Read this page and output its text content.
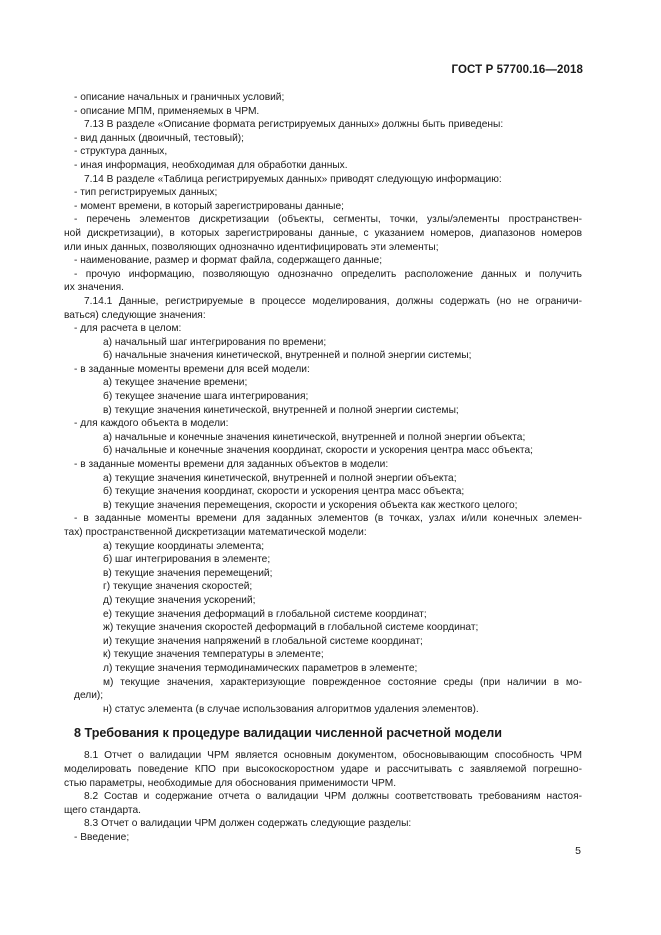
ГОСТ Р 57700.16—2018

- описание начальных и граничных условий;

- описание МПМ, применяемых в ЧРМ.

7.13 В разделе «Описание формата регистрируемых данных» должны быть приведены:

- вид данных (двоичный, тестовый);

- структура данных,

- иная информация, необходимая для обработки данных.

7.14 В разделе «Таблица регистрируемых данных» приводят следующую информацию:

- тип регистрируемых данных;

- момент времени, в который зарегистрированы данные;

- перечень элементов дискретизации (объекты, сегменты, точки, узлы/элементы пространствен-

ной дискретизации), в которых зарегистрированы данные, с указанием номеров, диапазонов номеров

или иных данных, позволяющих однозначно идентифицировать эти элементы;

- наименование, размер и формат файла, содержащего данные;

- прочую информацию, позволяющую однозначно определить расположение данных и получить

их значения.

7.14.1 Данные, регистрируемые в процессе моделирования, должны содержать (но не ограничи-

ваться) следующие значения:

- для расчета в целом:

а) начальный шаг интегрирования по времени;

б) начальные значения кинетической, внутренней и полной энергии системы;

- в заданные моменты времени для всей модели:

а) текущее значение времени;

б) текущее значение шага интегрирования;

в) текущие значения кинетической, внутренней и полной энергии системы;

- для каждого объекта в модели:

а) начальные и конечные значения кинетической, внутренней и полной энергии объекта;

б) начальные и конечные значения координат, скорости и ускорения центра масс объекта;

- в заданные моменты времени для заданных объектов в модели:

а) текущие значения кинетической, внутренней и полной энергии объекта;

б) текущие значения координат, скорости и ускорения центра масс объекта;

в) текущие значения перемещения, скорости и ускорения объекта как жесткого целого;

- в заданные моменты времени для заданных элементов (в точках, узлах и/или конечных элемен-

тах) пространственной дискретизации математической модели:

а) текущие координаты элемента;

б) шаг интегрирования в элементе;

в) текущие значения перемещений;

г) текущие значения скоростей;

д) текущие значения ускорений;

е) текущие значения деформаций в глобальной системе координат;

ж) текущие значения скоростей деформаций в глобальной системе координат;

и) текущие значения напряжений в глобальной системе координат;

к) текущие значения температуры в элементе;

л) текущие значения термодинамических параметров в элементе;

м) текущие значения, характеризующие поврежденное состояние среды (при наличии в мо-

дели);

н) статус элемента (в случае использования алгоритмов удаления элементов).

8 Требования к процедуре валидации численной расчетной модели

8.1 Отчет о валидации ЧРМ является основным документом, обосновывающим способность ЧРМ

моделировать поведение КПО при высокоскоростном ударе и рассчитывать с заявляемой погрешно-

стью параметры, необходимые для обоснования применимости ЧРМ.

8.2 Состав и содержание отчета о валидации ЧРМ должны соответствовать требованиям настоя-

щего стандарта.

8.3 Отчет о валидации ЧРМ должен содержать следующие разделы:

- Введение;

5
